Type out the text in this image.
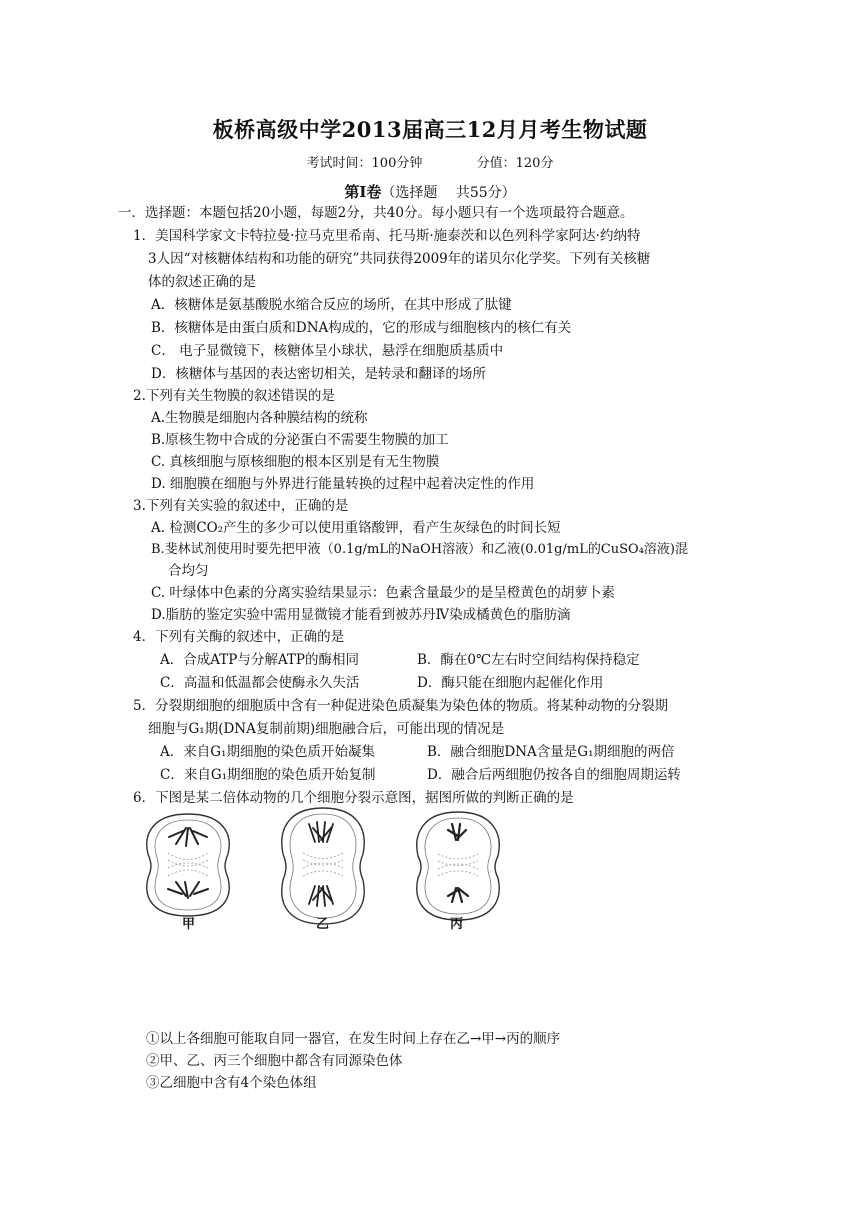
板桥高级中学2013届高三12月月考生物试题
考试时间：100分钟	分值：120分
第Ⅰ卷（选择题　 共55分）
一．选择题：本题包括20小题，每题2分，共40分。每小题只有一个选项最符合题意。
1．美国科学家文卡特拉曼·拉马克里希南、托马斯·施泰茨和以色列科学家阿达·约纳特
3人因“对核糖体结构和功能的研究”共同获得2009年的诺贝尔化学奖。下列有关核糖
体的叙述正确的是
A．核糖体是氨基酸脱水缩合反应的场所，在其中形成了肽键
B．核糖体是由蛋白质和DNA构成的，它的形成与细胞核内的核仁有关
C． 电子显微镜下，核糖体呈小球状，悬浮在细胞质基质中
D．核糖体与基因的表达密切相关，是转录和翻译的场所
2.下列有关生物膜的叙述错误的是
A.生物膜是细胞内各种膜结构的统称
B.原核生物中合成的分泌蛋白不需要生物膜的加工
C. 真核细胞与原核细胞的根本区别是有无生物膜
D. 细胞膜在细胞与外界进行能量转换的过程中起着决定性的作用
3.下列有关实验的叙述中，正确的是
A. 检测CO₂产生的多少可以使用重铬酸钾，看产生灰绿色的时间长短
B.斐林试剂使用时要先把甲液（0.1g/mL的NaOH溶液）和乙液(0.01g/mL的CuSO₄溶液)混
合均匀
C. 叶绿体中色素的分离实验结果显示：色素含量最少的是呈橙黄色的胡萝卜素
D.脂肪的鉴定实验中需用显微镜才能看到被苏丹Ⅳ染成橘黄色的脂肪滴
4．下列有关酶的叙述中，正确的是
A．合成ATP与分解ATP的酶相同	B．酶在0℃左右时空间结构保持稳定
C．高温和低温都会使酶永久失活	D．酶只能在细胞内起催化作用
5．分裂期细胞的细胞质中含有一种促进染色质凝集为染色体的物质。将某种动物的分裂期
细胞与G₁期(DNA复制前期)细胞融合后，可能出现的情况是
A．来自G₁期细胞的染色质开始凝集	B．融合细胞DNA含量是G₁期细胞的两倍
C．来自G₁期细胞的染色质开始复制	D．融合后两细胞仍按各自的细胞周期运转
6．下图是某二倍体动物的几个细胞分裂示意图，据图所做的判断正确的是
甲	乙	丙
①以上各细胞可能取自同一器官，在发生时间上存在乙→甲→丙的顺序
②甲、乙、丙三个细胞中都含有同源染色体
③乙细胞中含有4个染色体组
